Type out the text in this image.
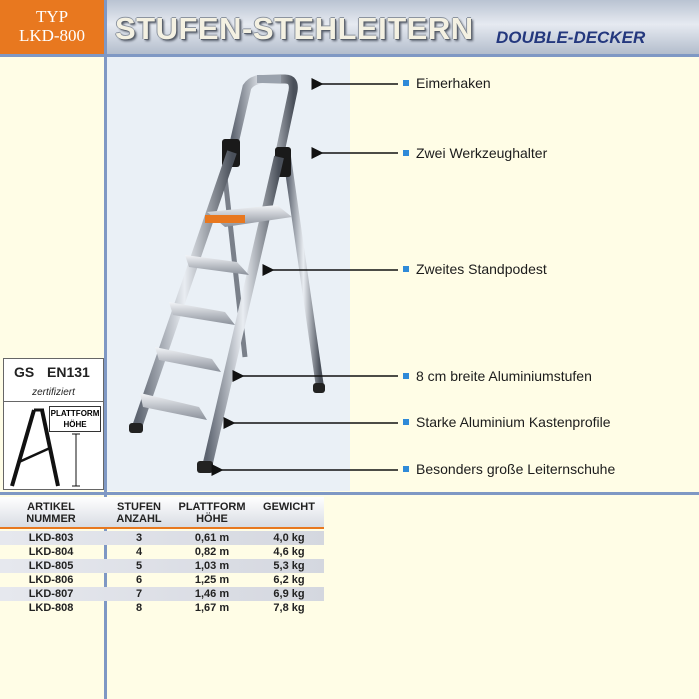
TYP
LKD-800 STUFEN-STEHLEITERN DOUBLE-DECKER
GS EN131
zertifiziert
PLATTFORM
HÖHE
Eimerhaken
Zwei Werkzeughalter
Zweites Standpodest
8 cm breite Aluminiumstufen
Starke Aluminium Kastenprofile
Besonders große Leiternschuhe
ARTIKEL
NUMMER
STUFEN
ANZAHL
PLATTFORM
HÖHE
GEWICHT
LKD-803	3	0,61 m	4,0 kg
LKD-804	4	0,82 m	4,6 kg
LKD-805	5	1,03 m	5,3 kg
LKD-806	6	1,25 m	6,2 kg
LKD-807	7	1,46 m	6,9 kg
LKD-808	8	1,67 m	7,8 kg
